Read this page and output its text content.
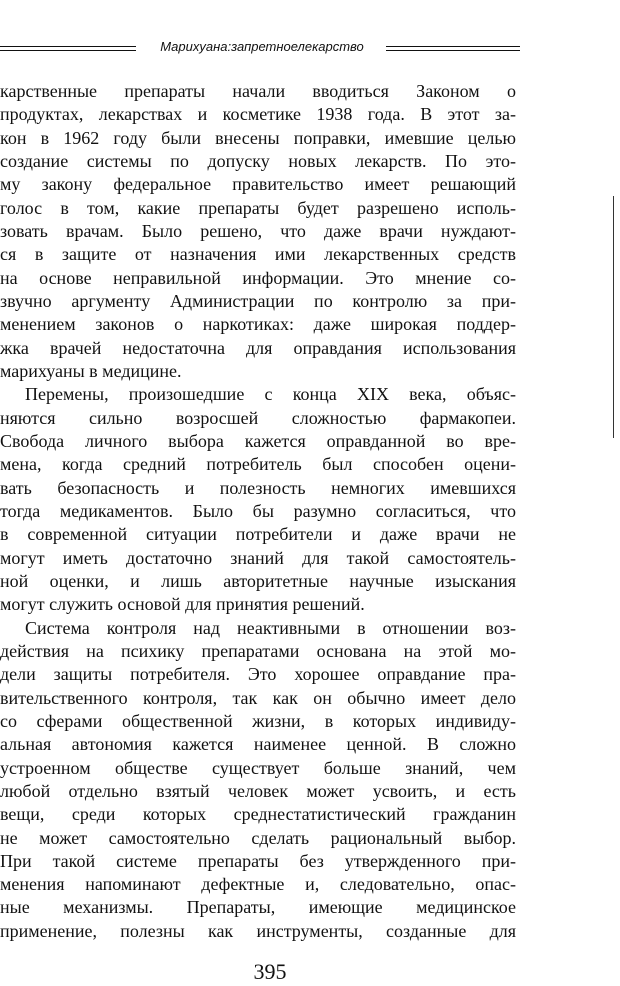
Марихуана:запретноелекарство
карственные препараты начали вводиться Законом о
продуктах, лекарствах и косметике 1938 года. В этот за-
кон в 1962 году были внесены поправки, имевшие целью
создание системы по допуску новых лекарств. По это-
му закону федеральное правительство имеет решающий
голос в том, какие препараты будет разрешено исполь-
зовать врачам. Было решено, что даже врачи нуждают-
ся в защите от назначения ими лекарственных средств
на основе неправильной информации. Это мнение со-
звучно аргументу Администрации по контролю за при-
менением законов о наркотиках: даже широкая поддер-
жка врачей недостаточна для оправдания использования
марихуаны в медицине.
Перемены, произошедшие с конца XIX века, объяс-
няются сильно возросшей сложностью фармакопеи.
Свобода личного выбора кажется оправданной во вре-
мена, когда средний потребитель был способен оцени-
вать безопасность и полезность немногих имевшихся
тогда медикаментов. Было бы разумно согласиться, что
в современной ситуации потребители и даже врачи не
могут иметь достаточно знаний для такой самостоятель-
ной оценки, и лишь авторитетные научные изыскания
могут служить основой для принятия решений.
Система контроля над неактивными в отношении воз-
действия на психику препаратами основана на этой мо-
дели защиты потребителя. Это хорошее оправдание пра-
вительственного контроля, так как он обычно имеет дело
со сферами общественной жизни, в которых индивиду-
альная автономия кажется наименее ценной. В сложно
устроенном обществе существует больше знаний, чем
любой отдельно взятый человек может усвоить, и есть
вещи, среди которых среднестатистический гражданин
не может самостоятельно сделать рациональный выбор.
При такой системе препараты без утвержденного при-
менения напоминают дефектные и, следовательно, опас-
ные механизмы. Препараты, имеющие медицинское
применение, полезны как инструменты, созданные для
395
